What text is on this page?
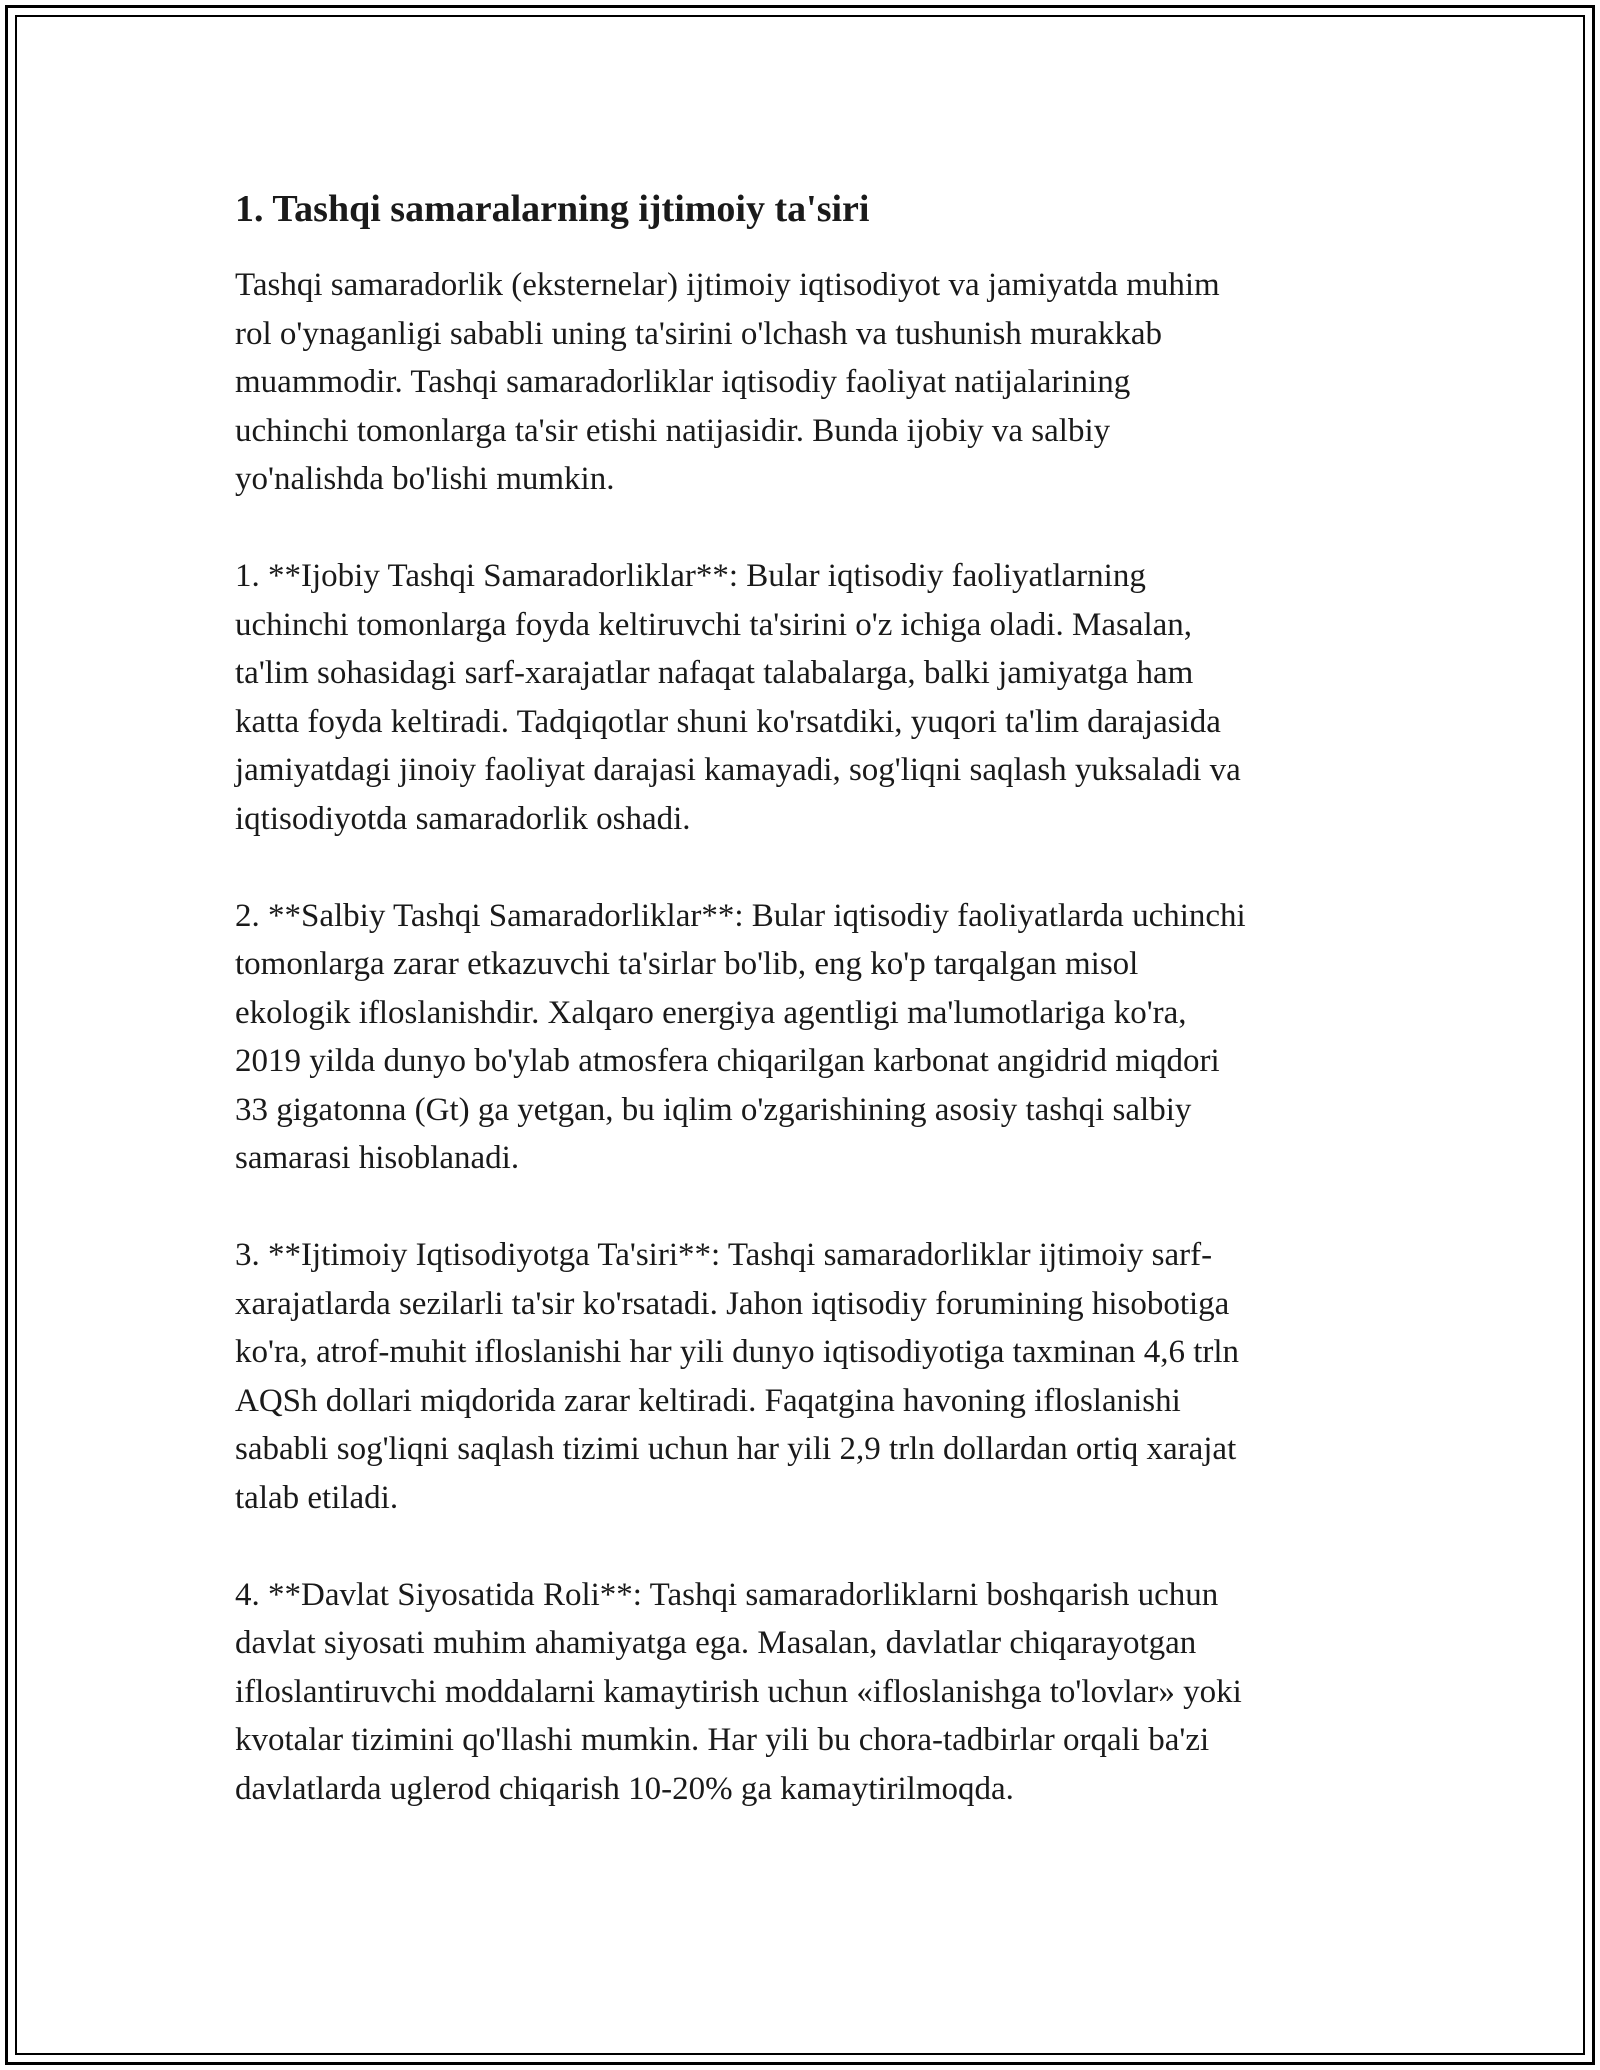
1. Tashqi samaralarning ijtimoiy ta'siri

Tashqi samaradorlik (eksternelar) ijtimoiy iqtisodiyot va jamiyatda muhim
rol o'ynaganligi sababli uning ta'sirini o'lchash va tushunish murakkab
muammodir. Tashqi samaradorliklar iqtisodiy faoliyat natijalarining
uchinchi tomonlarga ta'sir etishi natijasidir. Bunda ijobiy va salbiy
yo'nalishda bo'lishi mumkin.

1. **Ijobiy Tashqi Samaradorliklar**: Bular iqtisodiy faoliyatlarning
uchinchi tomonlarga foyda keltiruvchi ta'sirini o'z ichiga oladi. Masalan,
ta'lim sohasidagi sarf-xarajatlar nafaqat talabalarga, balki jamiyatga ham
katta foyda keltiradi. Tadqiqotlar shuni ko'rsatdiki, yuqori ta'lim darajasida
jamiyatdagi jinoiy faoliyat darajasi kamayadi, sog'liqni saqlash yuksaladi va
iqtisodiyotda samaradorlik oshadi.

2. **Salbiy Tashqi Samaradorliklar**: Bular iqtisodiy faoliyatlarda uchinchi
tomonlarga zarar etkazuvchi ta'sirlar bo'lib, eng ko'p tarqalgan misol
ekologik ifloslanishdir. Xalqaro energiya agentligi ma'lumotlariga ko'ra,
2019 yilda dunyo bo'ylab atmosfera chiqarilgan karbonat angidrid miqdori
33 gigatonna (Gt) ga yetgan, bu iqlim o'zgarishining asosiy tashqi salbiy
samarasi hisoblanadi.

3. **Ijtimoiy Iqtisodiyotga Ta'siri**: Tashqi samaradorliklar ijtimoiy sarf-
xarajatlarda sezilarli ta'sir ko'rsatadi. Jahon iqtisodiy forumining hisobotiga
ko'ra, atrof-muhit ifloslanishi har yili dunyo iqtisodiyotiga taxminan 4,6 trln
AQSh dollari miqdorida zarar keltiradi. Faqatgina havoning ifloslanishi
sababli sog'liqni saqlash tizimi uchun har yili 2,9 trln dollardan ortiq xarajat
talab etiladi.

4. **Davlat Siyosatida Roli**: Tashqi samaradorliklarni boshqarish uchun
davlat siyosati muhim ahamiyatga ega. Masalan, davlatlar chiqarayotgan
ifloslantiruvchi moddalarni kamaytirish uchun «ifloslanishga to'lovlar» yoki
kvotalar tizimini qo'llashi mumkin. Har yili bu chora-tadbirlar orqali ba'zi
davlatlarda uglerod chiqarish 10-20% ga kamaytirilmoqda.
